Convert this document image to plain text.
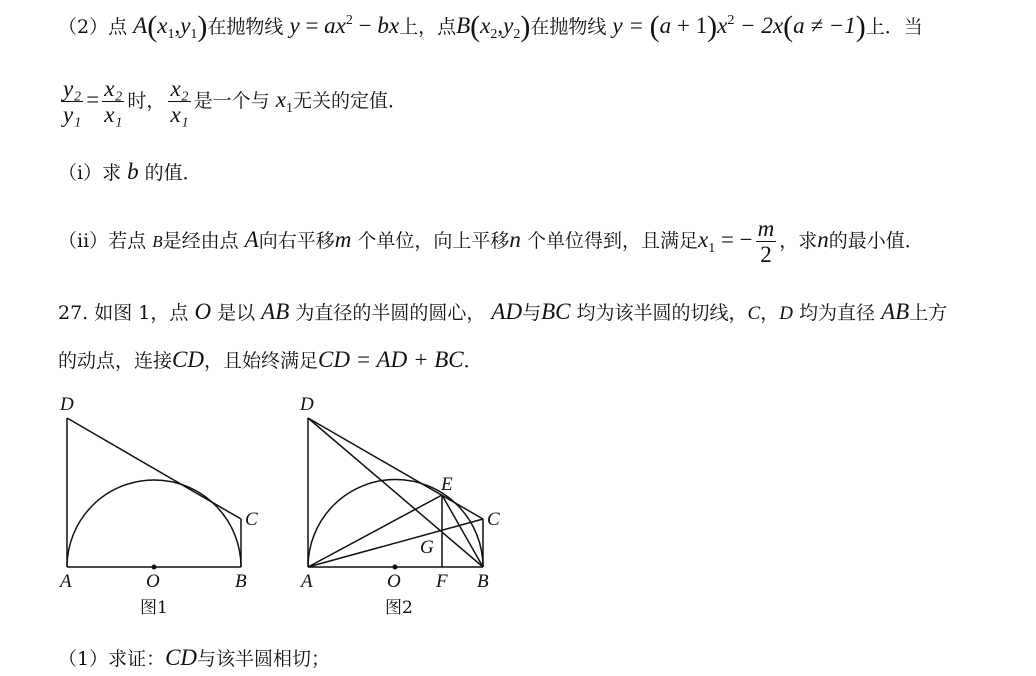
（2）点 $A(x_1,y_1)$在抛物线 $y = ax^2$ − bx上，点$B(x_2,y_2)$在抛物线 $y = (a + 1)x^2 - 2x(a \ne -1)$上．当
$\frac{\text{y₂}}{\text{y₁}} = \frac{\text{x₂}}{\text{x₁}}$ 时， $\frac{\text{x₂}}{\text{x₁}}$ 是一个与 $x_1$无关的定值．
（i）求 b 的值．
（ii）若点 B是经由点 A向右平移m 个单位，向上平移n 个单位得到，且满足$x_1$ = − $\frac{m}{2}$ ，求n的最小值．
27. 如图 1，点 O 是以 AB 为直径的半圆的圆心， AD与BC 均为该半圆的切线，C，D 均为直径 AB上方
的动点，连接CD，且始终满足CD = AD + BC．
D
C
A	O	B
图1
D
E
C
G
A	O F B
图2
（1）求证：CD与该半圆相切；
